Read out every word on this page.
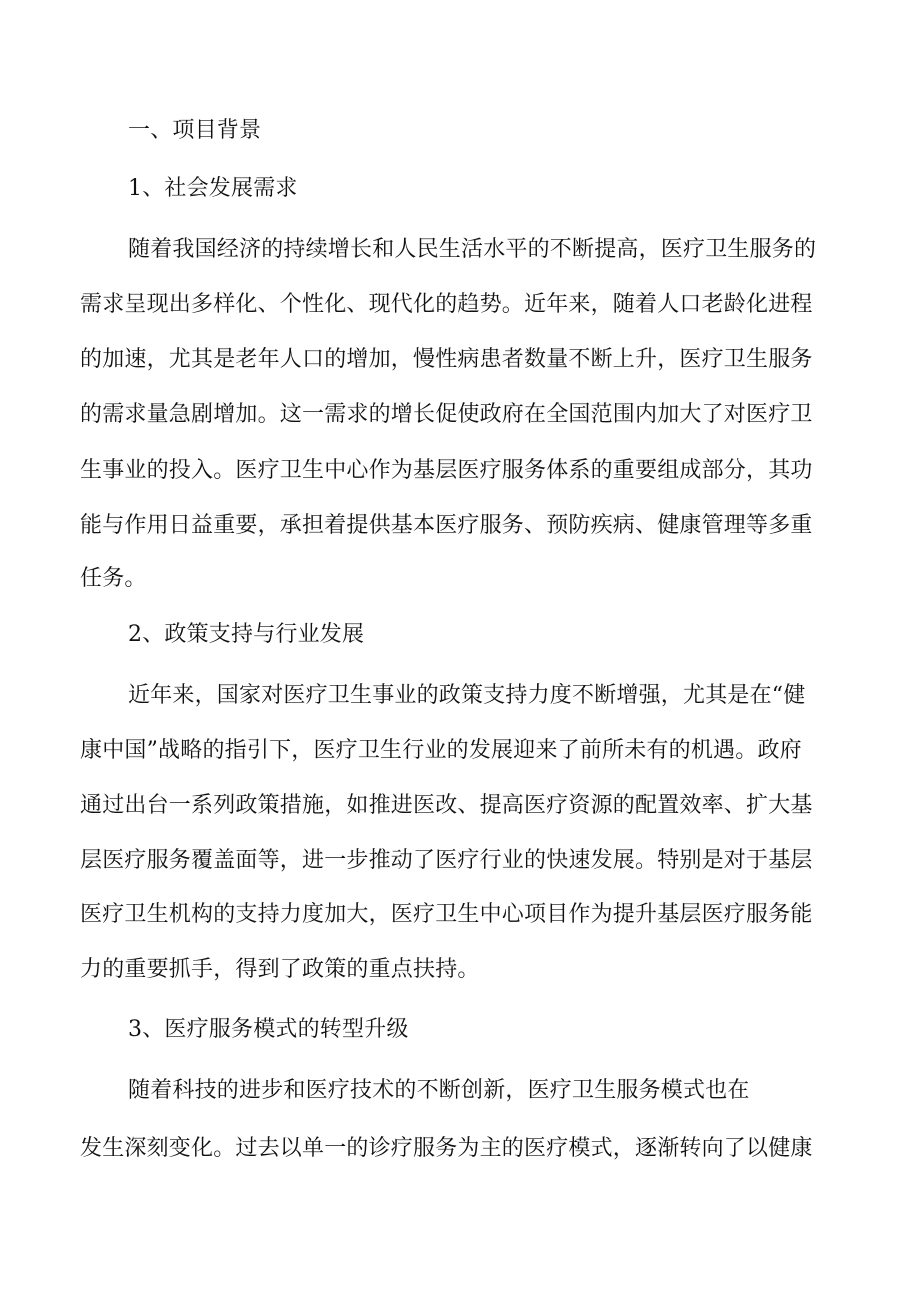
一、项目背景
1、社会发展需求
随着我国经济的持续增长和人民生活水平的不断提高，医疗卫生服务的
需求呈现出多样化、个性化、现代化的趋势。近年来，随着人口老龄化进程
的加速，尤其是老年人口的增加，慢性病患者数量不断上升，医疗卫生服务
的需求量急剧增加。这一需求的增长促使政府在全国范围内加大了对医疗卫
生事业的投入。医疗卫生中心作为基层医疗服务体系的重要组成部分，其功
能与作用日益重要，承担着提供基本医疗服务、预防疾病、健康管理等多重
任务。
2、政策支持与行业发展
近年来，国家对医疗卫生事业的政策支持力度不断增强，尤其是在“健
康中国”战略的指引下，医疗卫生行业的发展迎来了前所未有的机遇。政府
通过出台一系列政策措施，如推进医改、提高医疗资源的配置效率、扩大基
层医疗服务覆盖面等，进一步推动了医疗行业的快速发展。特别是对于基层
医疗卫生机构的支持力度加大，医疗卫生中心项目作为提升基层医疗服务能
力的重要抓手，得到了政策的重点扶持。
3、医疗服务模式的转型升级
随着科技的进步和医疗技术的不断创新，医疗卫生服务模式也在
发生深刻变化。过去以单一的诊疗服务为主的医疗模式，逐渐转向了以健康
